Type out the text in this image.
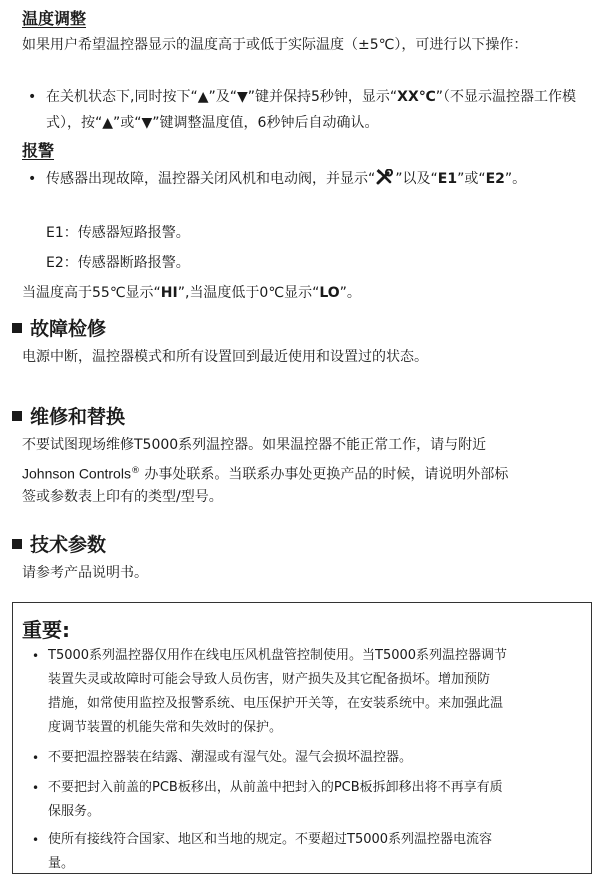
温度调整
如果用户希望温控器显示的温度高于或低于实际温度（±5℃），可进行以下操作：
• 在关机状态下,同时按下“▲”及“▼”键并保持5秒钟，显示“XX℃”（不显示温控器工作模式），按“▲”或“▼”键调整温度值，6秒钟后自动确认。
报警
• 传感器出现故障，温控器关闭风机和电动阀，并显示“ ”以及“E1”或“E2”。
E1：传感器短路报警。
E2：传感器断路报警。
当温度高于55℃显示“HI”,当温度低于0℃显示“LO”。
故障检修
电源中断，温控器模式和所有设置回到最近使用和设置过的状态。
维修和替换
不要试图现场维修T5000系列温控器。如果温控器不能正常工作，请与附近
Johnson Controls® 办事处联系。当联系办事处更换产品的时候，请说明外部标
签或参数表上印有的类型/型号。
技术参数
请参考产品说明书。
重要:
• T5000系列温控器仅用作在线电压风机盘管控制使用。当T5000系列温控器调节
装置失灵或故障时可能会导致人员伤害，财产损失及其它配备损坏。增加预防
措施，如常使用监控及报警系统、电压保护开关等，在安装系统中。来加强此温
度调节装置的机能失常和失效时的保护。
• 不要把温控器装在结露、潮湿或有湿气处。湿气会损坏温控器。
• 不要把封入前盖的PCB板移出，从前盖中把封入的PCB板拆卸移出将不再享有质
保服务。
• 使所有接线符合国家、地区和当地的规定。不要超过T5000系列温控器电流容
量。
